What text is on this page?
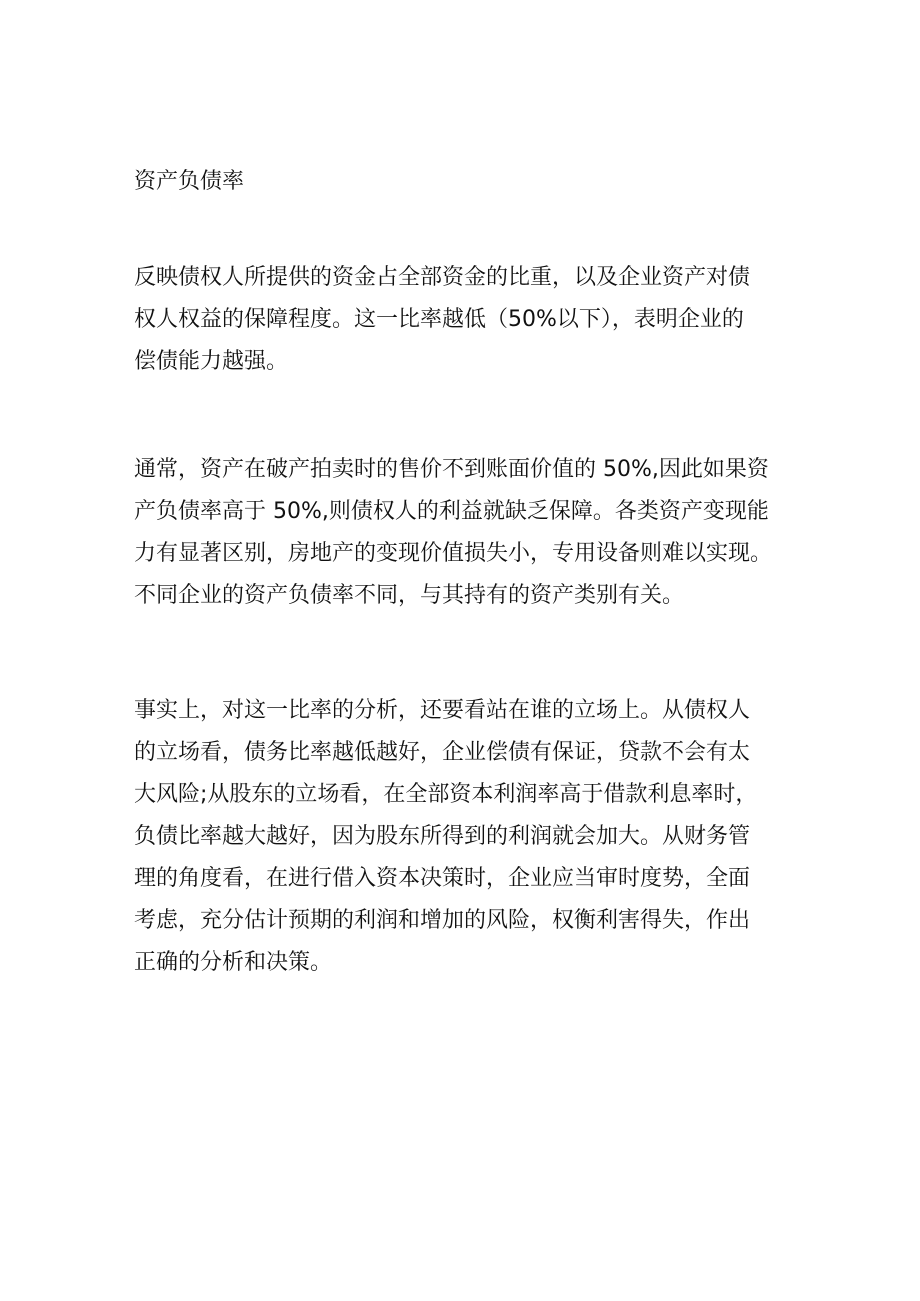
资产负债率

反映债权人所提供的资金占全部资金的比重，以及企业资产对债
权人权益的保障程度。这一比率越低（50%以下），表明企业的
偿债能力越强。

通常，资产在破产拍卖时的售价不到账面价值的 50%,因此如果资
产负债率高于 50%,则债权人的利益就缺乏保障。各类资产变现能
力有显著区别，房地产的变现价值损失小，专用设备则难以实现。
不同企业的资产负债率不同，与其持有的资产类别有关。

事实上，对这一比率的分析，还要看站在谁的立场上。从债权人
的立场看，债务比率越低越好，企业偿债有保证，贷款不会有太
大风险;从股东的立场看，在全部资本利润率高于借款利息率时，
负债比率越大越好，因为股东所得到的利润就会加大。从财务管
理的角度看，在进行借入资本决策时，企业应当审时度势，全面
考虑，充分估计预期的利润和增加的风险，权衡利害得失，作出
正确的分析和决策。
